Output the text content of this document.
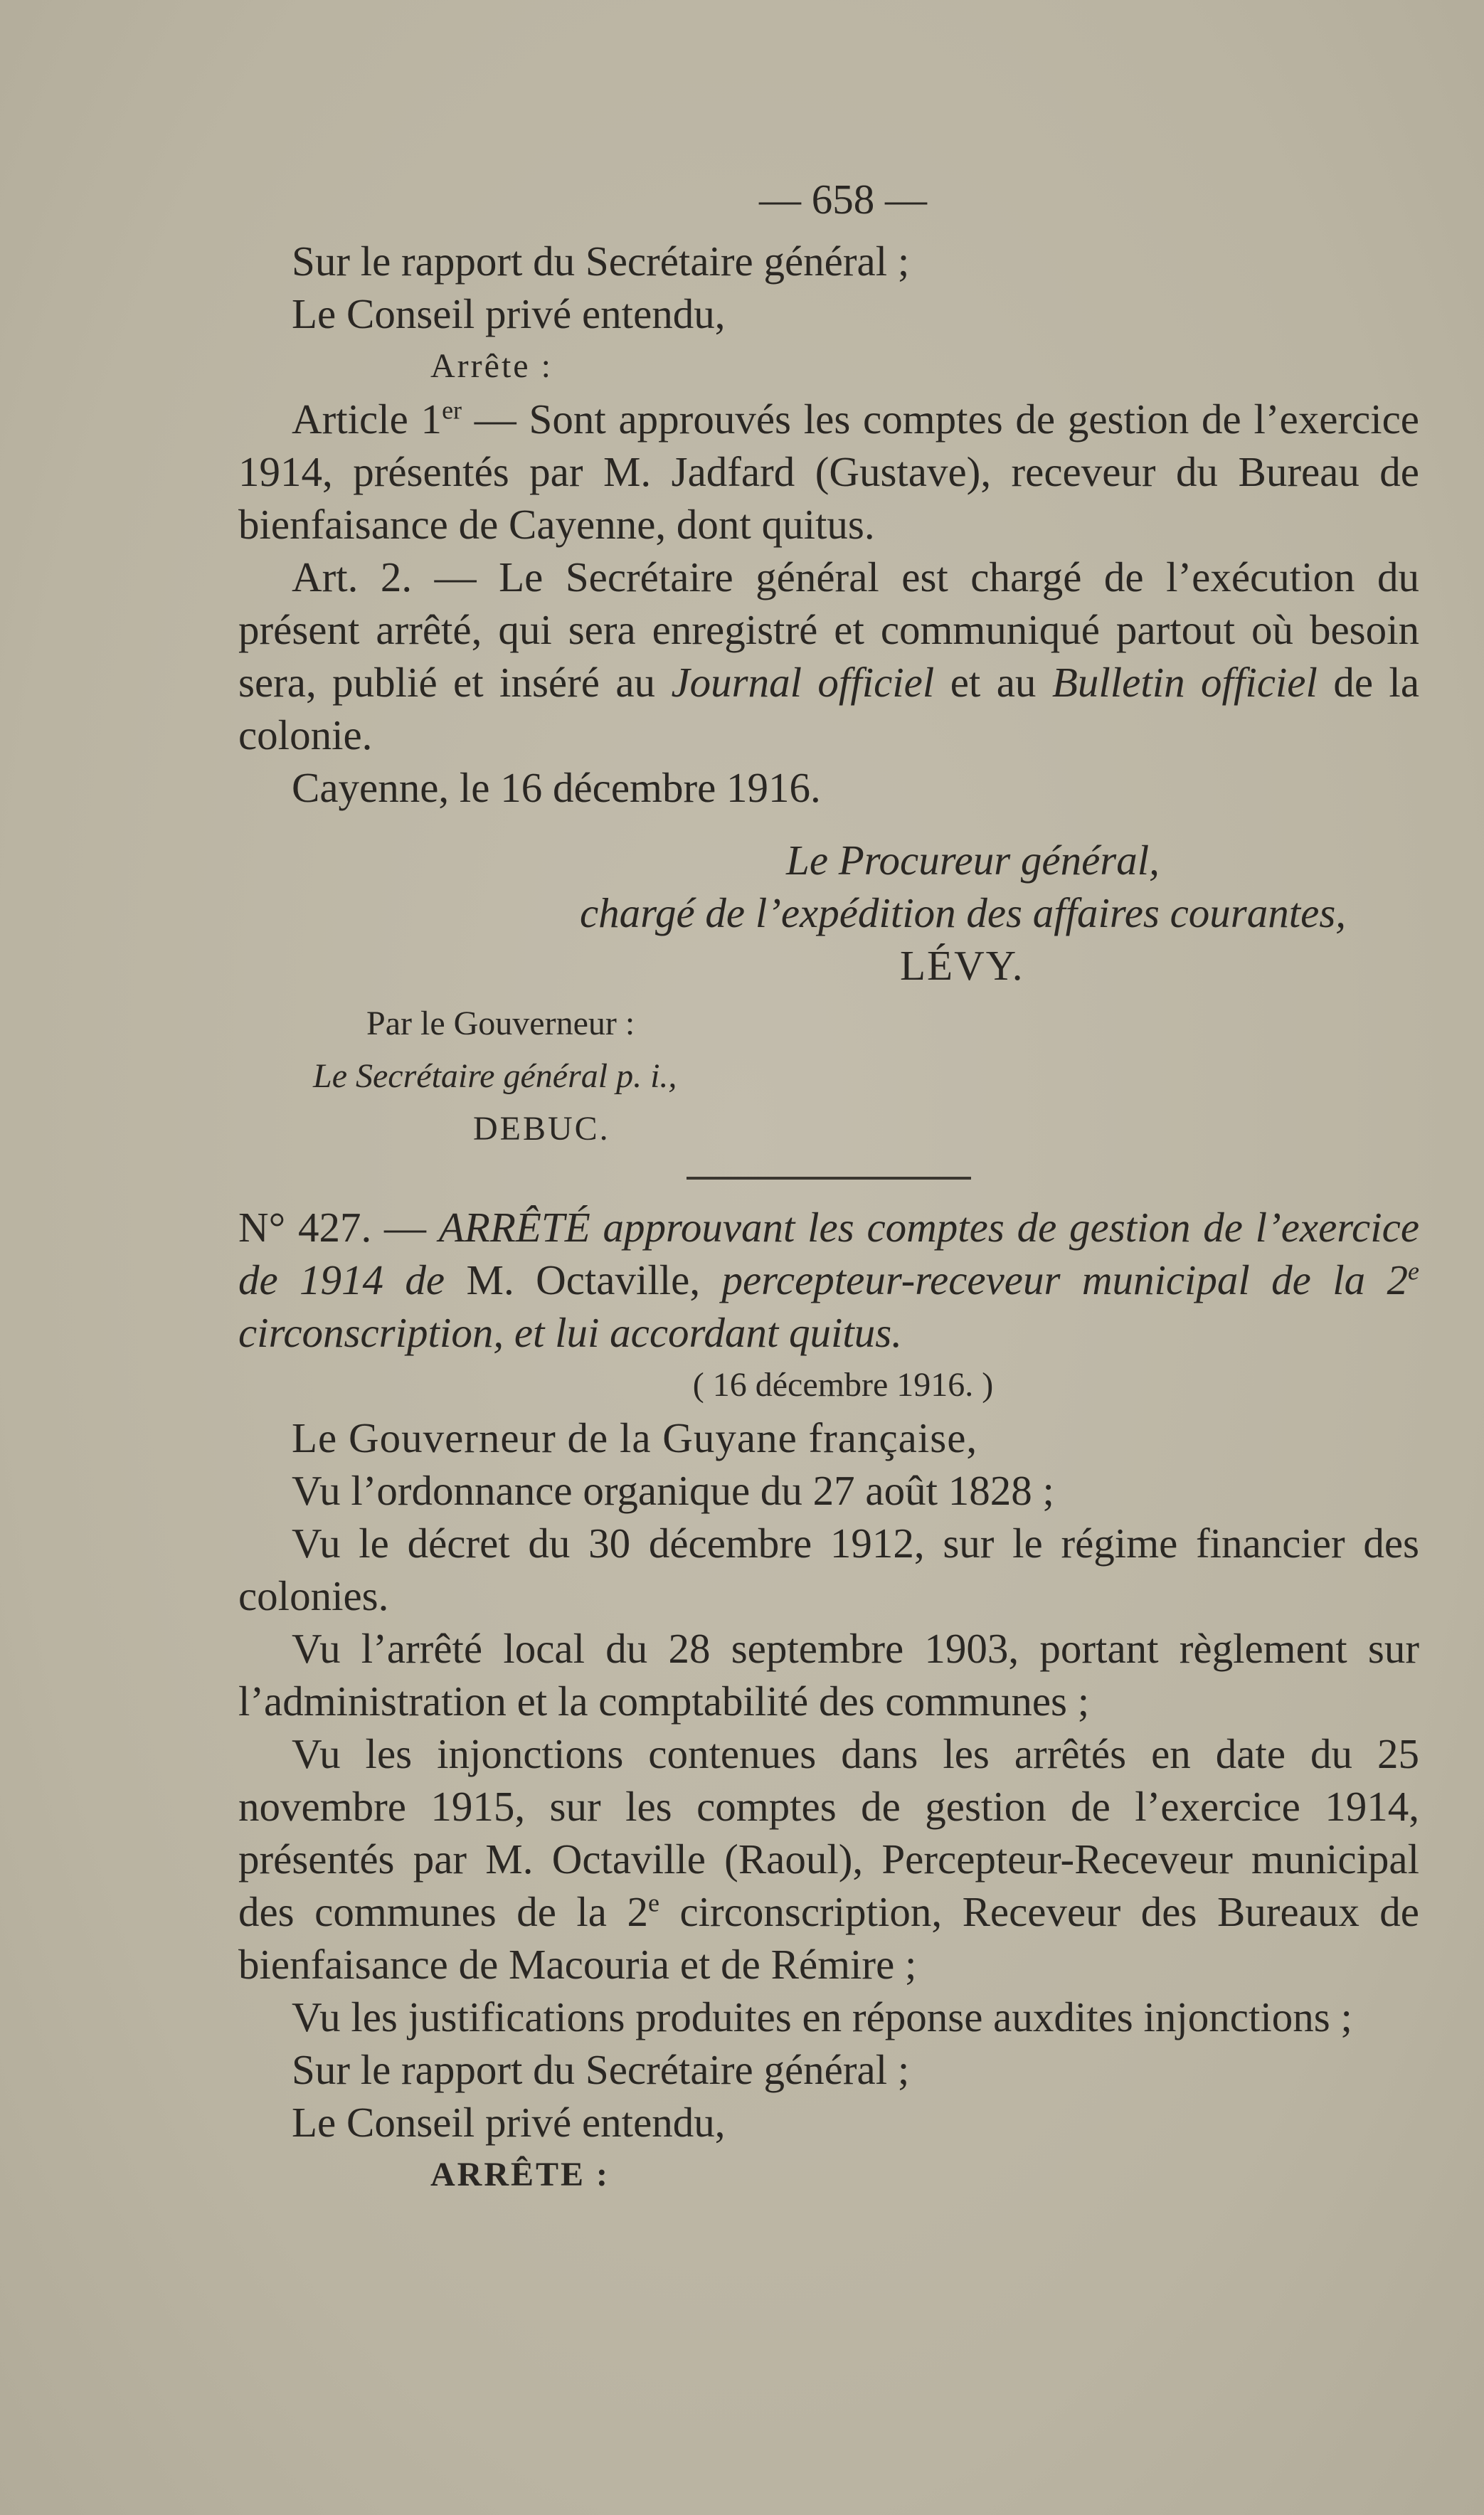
— 658 —

Sur le rapport du Secrétaire général ;

Le Conseil privé entendu,

Arrête :

Article 1er — Sont approuvés les comptes de gestion de l’exercice 1914, présentés par M. Jadfard (Gustave), receveur du Bureau de bienfaisance de Cayenne, dont quitus.

Art. 2. — Le Secrétaire général est chargé de l’exécution du présent arrêté, qui sera enregistré et communiqué partout où besoin sera, publié et inséré au Journal officiel et au Bulletin officiel de la colonie.

Cayenne, le 16 décembre 1916.

Le Procureur général,

chargé de l’expédition des affaires courantes,

LÉVY.

Par le Gouverneur :

Le Secrétaire général p. i.,

DEBUC.

N° 427. — ARRÊTÉ approuvant les comptes de gestion de l’exercice de 1914 de M. Octaville, percepteur-receveur municipal de la 2e circonscription, et lui accordant quitus.

( 16 décembre 1916. )

Le Gouverneur de la Guyane française,

Vu l’ordonnance organique du 27 août 1828 ;

Vu le décret du 30 décembre 1912, sur le régime financier des colonies.

Vu l’arrêté local du 28 septembre 1903, portant règlement sur l’administration et la comptabilité des communes ;

Vu les injonctions contenues dans les arrêtés en date du 25 novembre 1915, sur les comptes de gestion de l’exercice 1914, présentés par M. Octaville (Raoul), Percepteur-Receveur municipal des communes de la 2e circonscription, Receveur des Bureaux de bienfaisance de Macouria et de Rémire ;

Vu les justifications produites en réponse auxdites injonctions ;

Sur le rapport du Secrétaire général ;

Le Conseil privé entendu,

ARRÊTE :
